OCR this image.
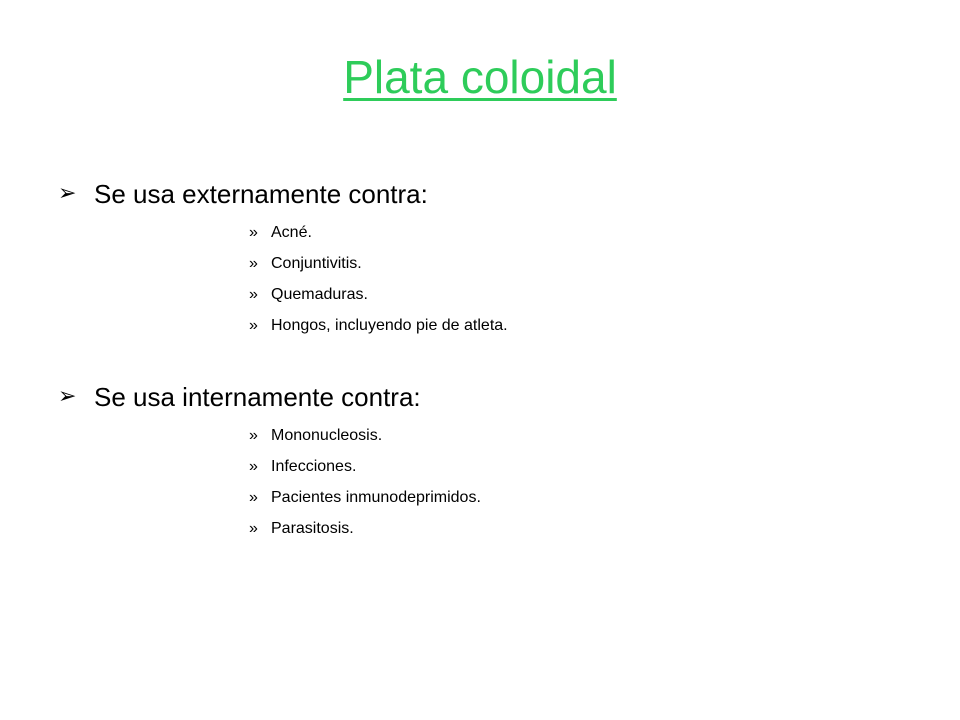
Plata coloidal
➢ Se usa externamente contra:
» Acné.
» Conjuntivitis.
» Quemaduras.
» Hongos, incluyendo pie de atleta.
➢ Se usa internamente contra:
» Mononucleosis.
» Infecciones.
» Pacientes inmunodeprimidos.
» Parasitosis.
